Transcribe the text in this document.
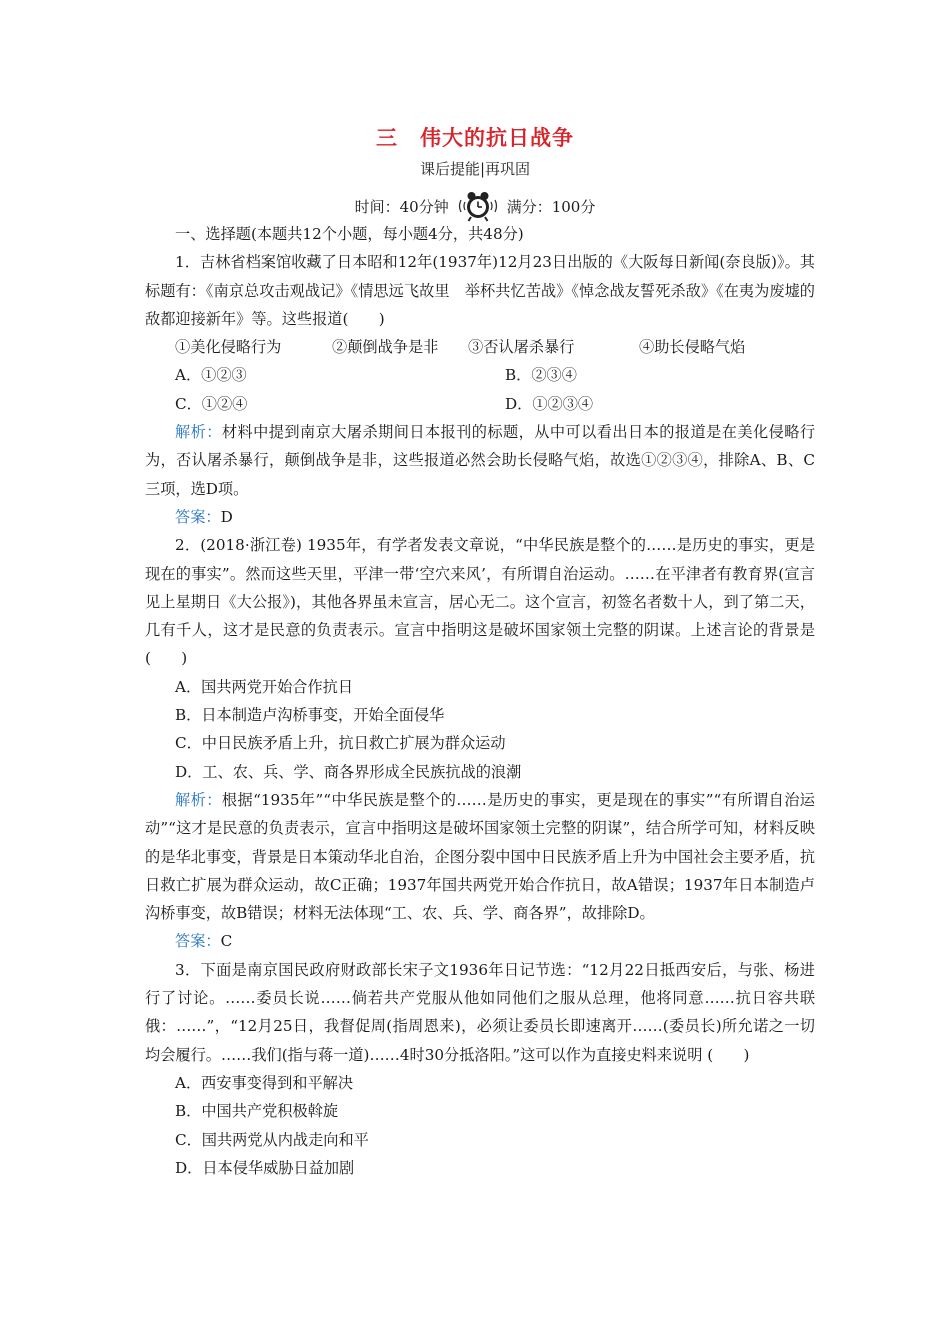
三　伟大的抗日战争
课后提能|再巩固
时间：40分钟	满分：100分

一、选择题(本题共12个小题，每小题4分，共48分)

1．吉林省档案馆收藏了日本昭和12年(1937年)12月23日出版的《大阪每日新闻(奈良版)》。其标题有：《南京总攻击观战记》《情思远飞故里　举杯共忆苦战》《悼念战友誓死杀敌》《在夷为废墟的敌都迎接新年》等。这些报道(　　)

①美化侵略行为	②颠倒战争是非	③否认屠杀暴行	④助长侵略气焰
A．①②③	B．②③④
C．①②④	D．①②③④

解析：材料中提到南京大屠杀期间日本报刊的标题，从中可以看出日本的报道是在美化侵略行为，否认屠杀暴行，颠倒战争是非，这些报道必然会助长侵略气焰，故选①②③④，排除A、B、C三项，选D项。

答案：D

2．(2018·浙江卷) 1935年，有学者发表文章说，“中华民族是整个的……是历史的事实，更是现在的事实”。然而这些天里，平津一带‘空穴来风’，有所谓自治运动。……在平津者有教育界(宣言见上星期日《大公报》)，其他各界虽未宣言，居心无二。这个宣言，初签名者数十人，到了第二天，几有千人，这才是民意的负责表示。宣言中指明这是破坏国家领土完整的阴谋。上述言论的背景是(　　)

A．国共两党开始合作抗日

B．日本制造卢沟桥事变，开始全面侵华

C．中日民族矛盾上升，抗日救亡扩展为群众运动

D．工、农、兵、学、商各界形成全民族抗战的浪潮

解析：根据“1935年”“中华民族是整个的……是历史的事实，更是现在的事实”“有所谓自治运动”“这才是民意的负责表示，宣言中指明这是破坏国家领土完整的阴谋”，结合所学可知，材料反映的是华北事变，背景是日本策动华北自治，企图分裂中国中日民族矛盾上升为中国社会主要矛盾，抗日救亡扩展为群众运动，故C正确；1937年国共两党开始合作抗日，故A错误；1937年日本制造卢沟桥事变，故B错误；材料无法体现“工、农、兵、学、商各界”，故排除D。

答案：C

3．下面是南京国民政府财政部长宋子文1936年日记节选：“12月22日抵西安后，与张、杨进行了讨论。……委员长说……倘若共产党服从他如同他们之服从总理，他将同意……抗日容共联俄：……”，“12月25日，我督促周(指周恩来)，必须让委员长即速离开……(委员长)所允诺之一切均会履行。……我们(指与蒋一道)……4时30分抵洛阳。”这可以作为直接史料来说明 (　　)

A．西安事变得到和平解决

B．中国共产党积极斡旋

C．国共两党从内战走向和平

D．日本侵华威胁日益加剧
